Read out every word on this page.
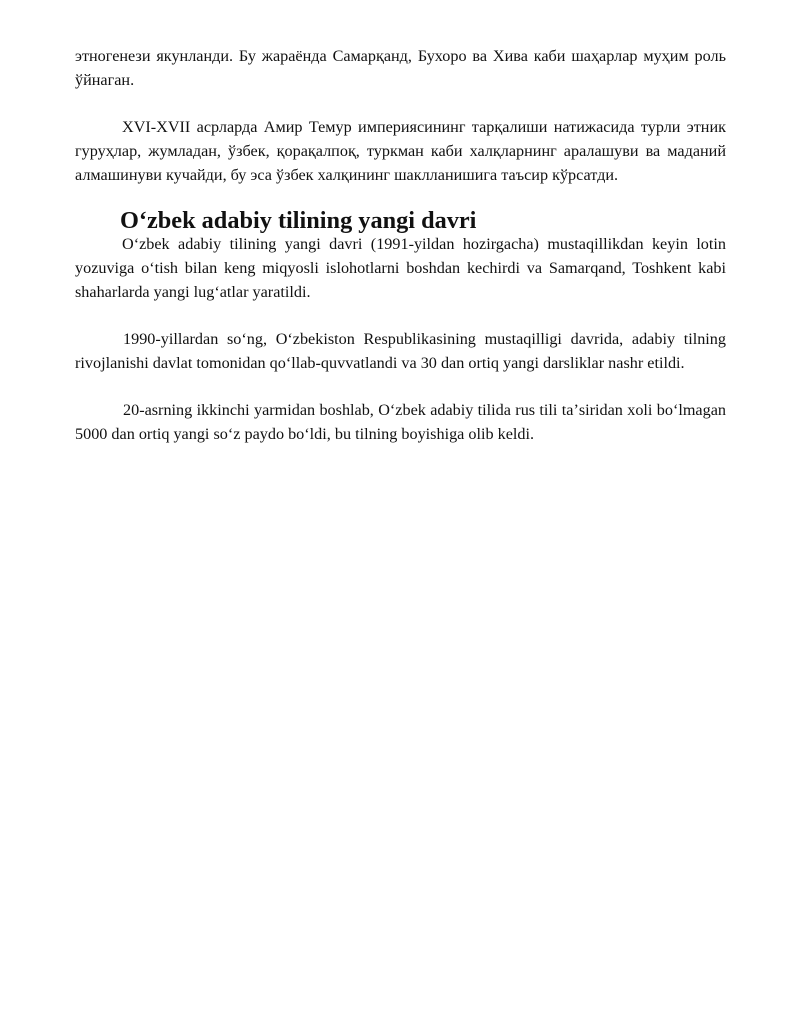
этногенези якунланди. Бу жараёнда Самарқанд, Бухоро ва Хива каби шаҳарлар муҳим роль ўйнаган.

XVI-XVII асрларда Амир Темур империясининг тарқалиши натижасида турли этник гуруҳлар, жумладан, ўзбек, қорақалпоқ, туркман каби халқларнинг аралашуви ва маданий алмашинуви кучайди, бу эса ўзбек халқининг шаклланишига таъсир кўрсатди.

Oʻzbek adabiy tilining yangi davri

Oʻzbek adabiy tilining yangi davri (1991-yildan hozirgacha) mustaqillikdan keyin lotin yozuviga oʻtish bilan keng miqyosli islohotlarni boshdan kechirdi va Samarqand, Toshkent kabi shaharlarda yangi lugʻatlar yaratildi.

1990-yillardan soʻng, Oʻzbekiston Respublikasining mustaqilligi davrida, adabiy tilning rivojlanishi davlat tomonidan qoʻllab-quvvatlandi va 30 dan ortiq yangi darsliklar nashr etildi.

20-asrning ikkinchi yarmidan boshlab, Oʻzbek adabiy tilida rus tili taʼsiridan xoli boʻlmagan 5000 dan ortiq yangi soʻz paydo boʻldi, bu tilning boyishiga olib keldi.
